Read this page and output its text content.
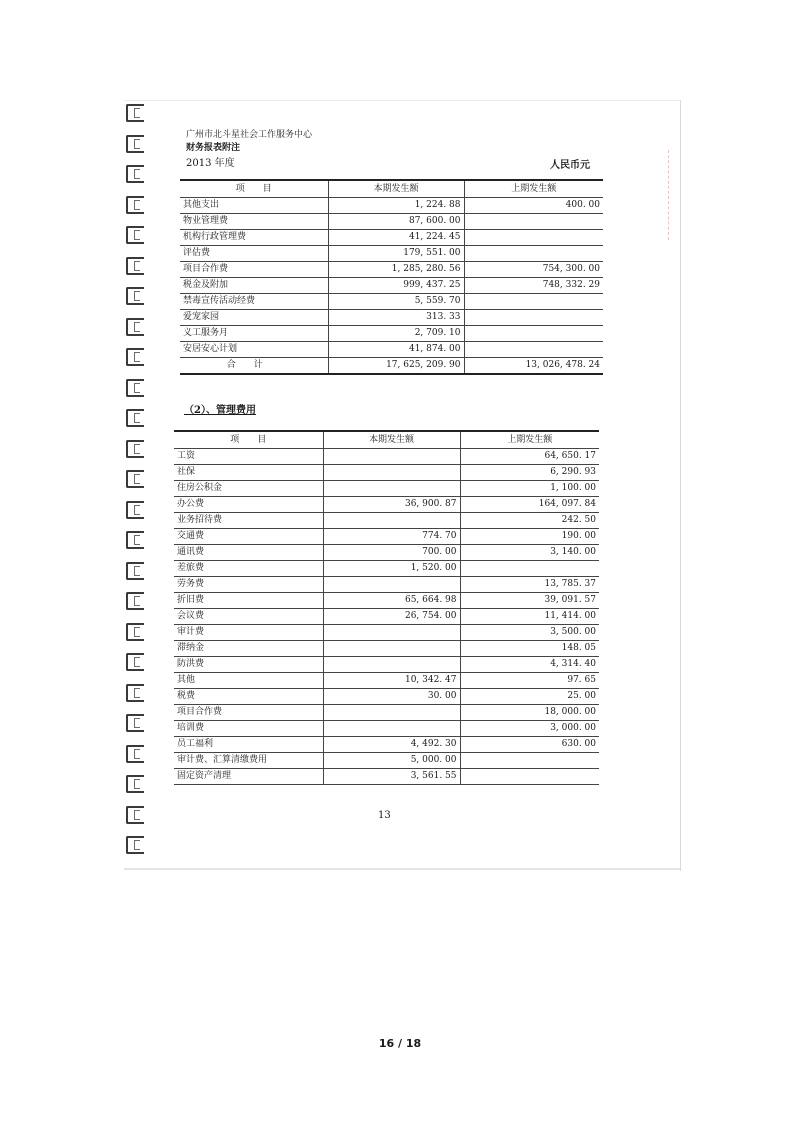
广州市北斗星社会工作服务中心
财务报表附注
2013 年度	人民币元
项　　目	本期发生额	上期发生额
其他支出	1, 224. 88	400. 00
物业管理费	87, 600. 00	
机构行政管理费	41, 224. 45	
评估费	179, 551. 00	
项目合作费	1, 285, 280. 56	754, 300. 00
税金及附加	999, 437. 25	748, 332. 29
禁毒宣传活动经费	5, 559. 70	
爱宠家园	313. 33	
义工服务月	2, 709. 10	
安居安心计划	41, 874. 00	
合计	17, 625, 209. 90	13, 026, 478. 24
（2）、管理费用
项　　目	本期发生额	上期发生额
工资		64, 650. 17
社保		6, 290. 93
住房公积金		1, 100. 00
办公费	36, 900. 87	164, 097. 84
业务招待费		242. 50
交通费	774. 70	190. 00
通讯费	700. 00	3, 140. 00
差旅费	1, 520. 00	
劳务费		13, 785. 37
折旧费	65, 664. 98	39, 091. 57
会议费	26, 754. 00	11, 414. 00
审计费		3, 500. 00
滞纳金		148. 05
防洪费		4, 314. 40
其他	10, 342. 47	97. 65
税费	30. 00	25. 00
项目合作费		18, 000. 00
培训费		3, 000. 00
员工福利	4, 492. 30	630. 00
审计费、汇算清缴费用	5, 000. 00	
固定资产清理	3, 561. 55	
13
16 / 18
